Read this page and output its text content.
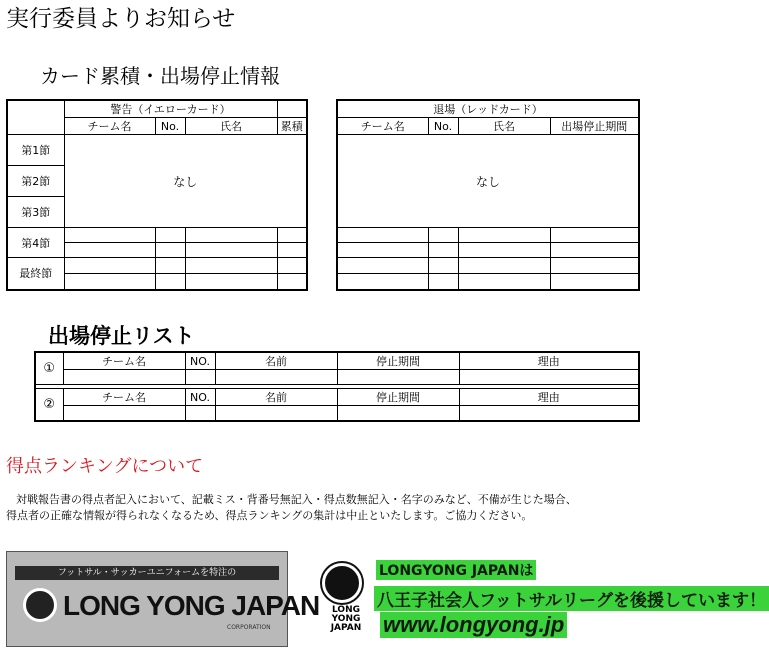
実行委員よりお知らせ
カード累積・出場停止情報
	警告（イエローカード）			
	チーム名	No.	氏名	累積
第1節	なし			
第2節				
第3節				
第4節				

最終節				

退場（レッドカード）			
チーム名	No.	氏名	出場停止期間
なし			

出場停止リスト
①	チーム名	NO.	名前	停止期間	理由

②	チーム名	NO.	名前	停止期間	理由

得点ランキングについて

対戦報告書の得点者記入において、記載ミス・背番号無記入・得点数無記入・名字のみなど、不備が生じた場合、

得点者の正確な情報が得られなくなるため、得点ランキングの集計は中止といたします。ご協力ください。

フットサル・サッカーユニフォームを特注の
LONG YONG JAPAN
CORPORATION
LONG YONG JAPAN
LONGYONG JAPANは
八王子社会人フットサルリーグを後援しています！
www.longyong.jp
